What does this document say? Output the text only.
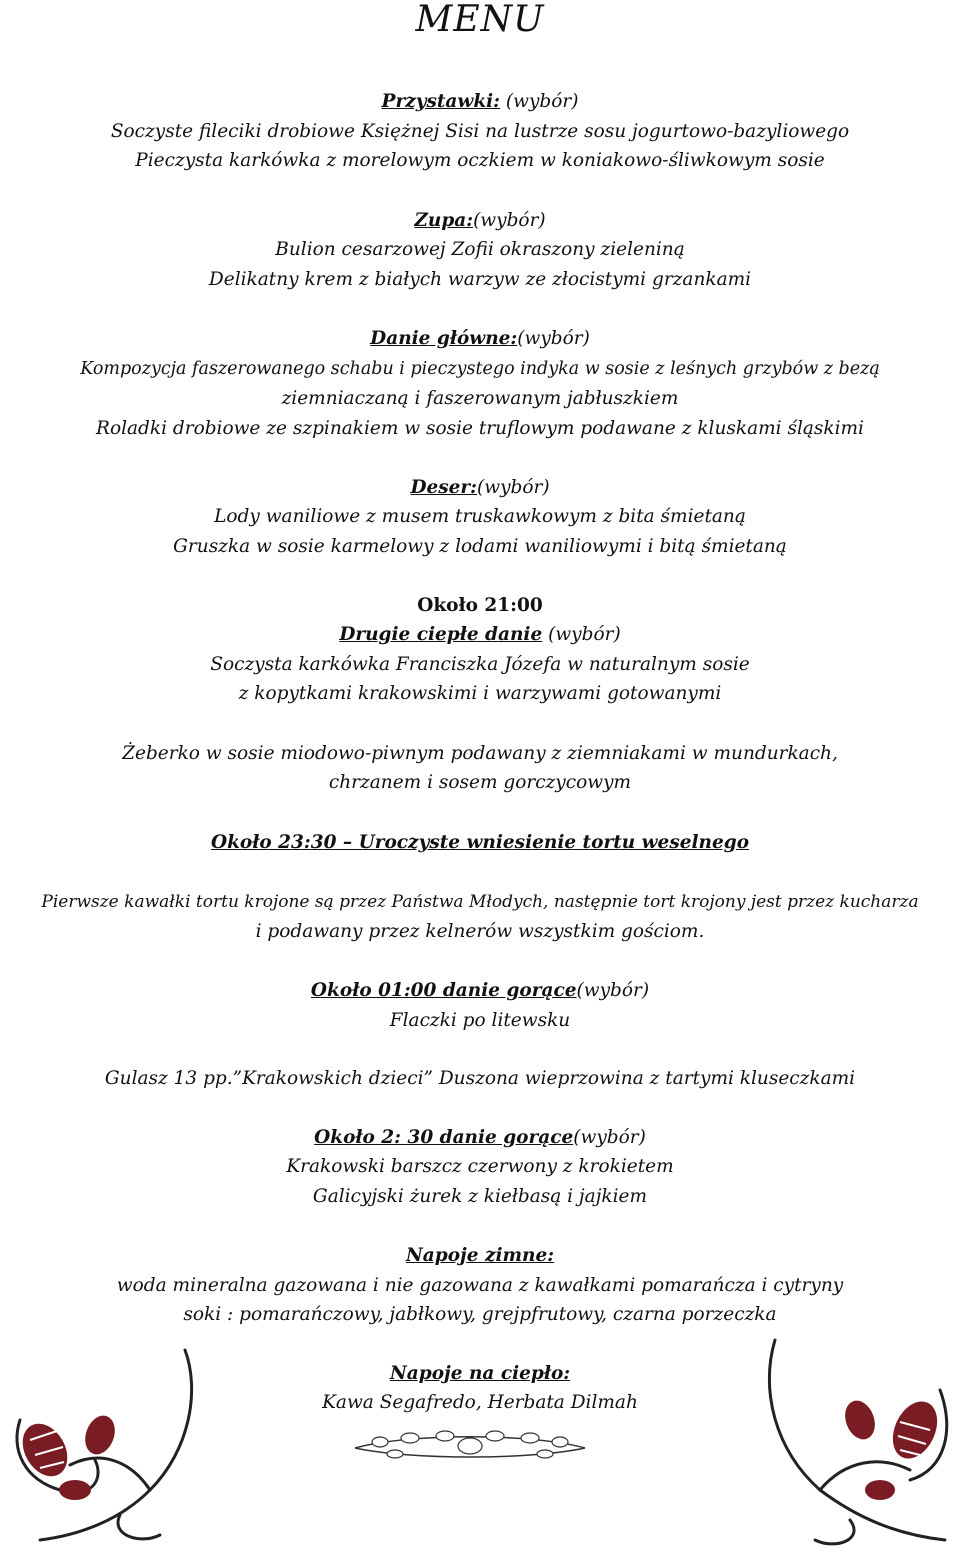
MENU
Przystawki: (wybór)
Soczyste fileciki drobiowe Księżnej Sisi na lustrze sosu jogurtowo-bazyliowego
Pieczysta karkówka z morelowym oczkiem w koniakowo-śliwkowym sosie
Zupa:(wybór)
Bulion cesarzowej Zofii okraszony zieleniną
Delikatny krem z białych warzyw ze złocistymi grzankami
Danie główne:(wybór)
Kompozycja faszerowanego schabu i pieczystego indyka w sosie z leśnych grzybów z bezą
ziemniaczaną i faszerowanym jabłuszkiem
Roladki drobiowe ze szpinakiem w sosie truflowym podawane z kluskami śląskimi
Deser:(wybór)
Lody waniliowe z musem truskawkowym z bita śmietaną
Gruszka w sosie karmelowy z lodami waniliowymi i bitą śmietaną
Około 21:00
Drugie ciepłe danie (wybór)
Soczysta karkówka Franciszka Józefa w naturalnym sosie
z kopytkami krakowskimi i warzywami gotowanymi
Żeberko w sosie miodowo-piwnym podawany z ziemniakami w mundurkach,
chrzanem i sosem gorczycowym
Około 23:30 – Uroczyste wniesienie tortu weselnego
Pierwsze kawałki tortu krojone są przez Państwa Młodych, następnie tort krojony jest przez kucharza
i podawany przez kelnerów wszystkim gościom.
Około 01:00 danie gorące(wybór)
Flaczki po litewsku
Gulasz 13 pp.”Krakowskich dzieci” Duszona wieprzowina z tartymi kluseczkami
Około 2: 30 danie gorące(wybór)
Krakowski barszcz czerwony z krokietem
Galicyjski żurek z kiełbasą i jajkiem
Napoje zimne:
woda mineralna gazowana i nie gazowana z kawałkami pomarańcza i cytryny
soki : pomarańczowy, jabłkowy, grejpfrutowy, czarna porzeczka
Napoje na ciepło:
Kawa Segafredo, Herbata Dilmah
